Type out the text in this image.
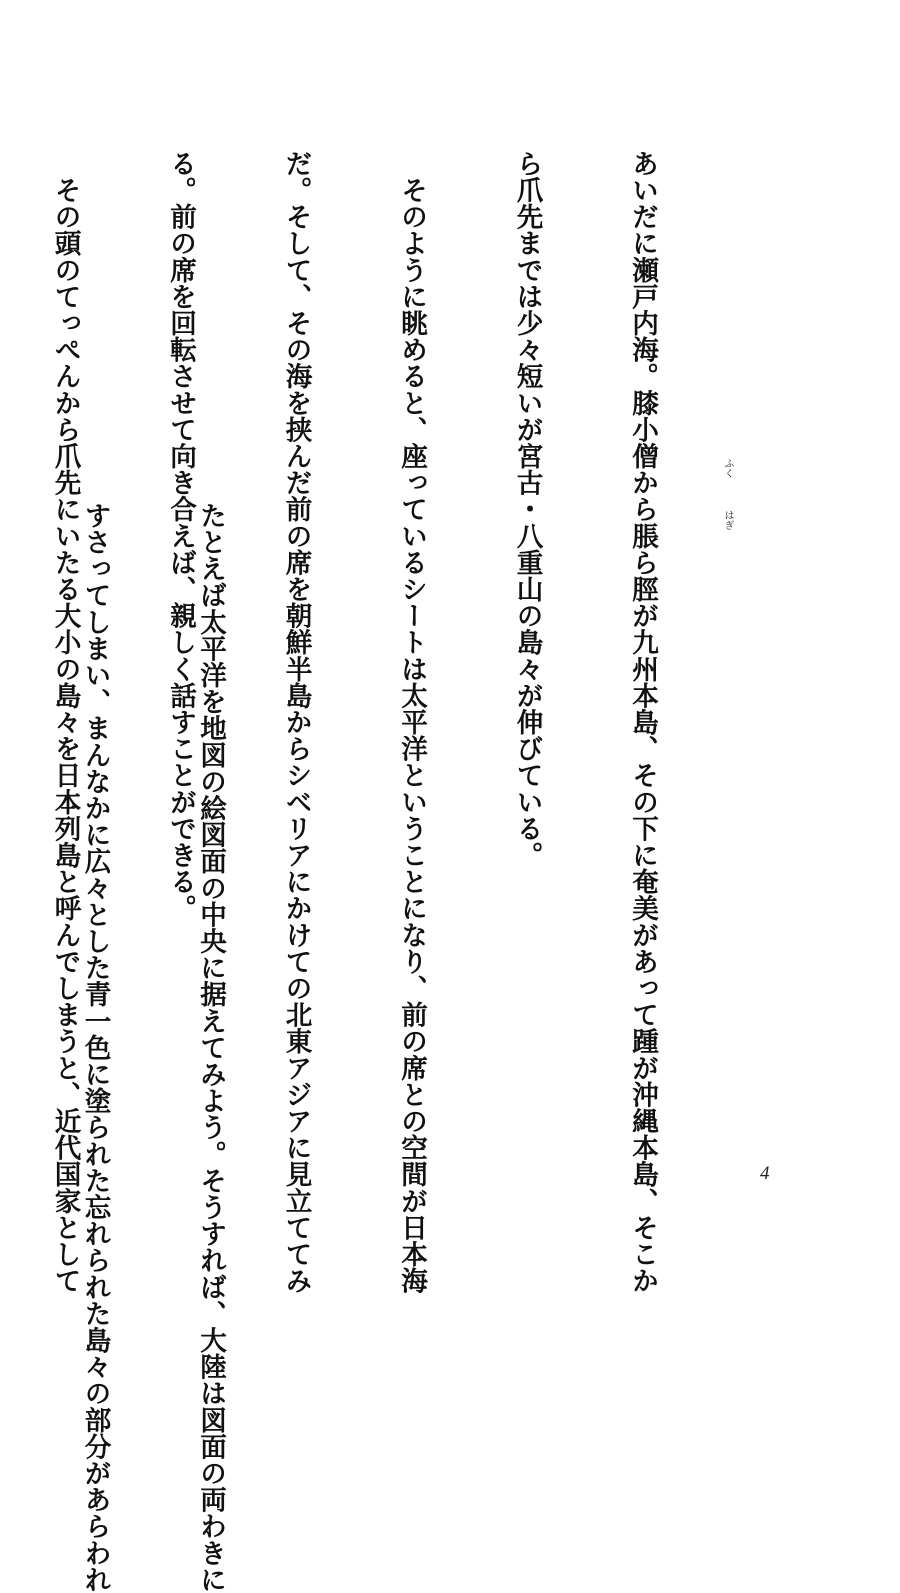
あいだに瀬戸内海。膝小僧から脹ら脛が九州本島、その下に奄美があって踵が沖縄本島、そこか

ら爪先までは少々短いが宮古・八重山の島々が伸びている。

　そのように眺めると、座っているシートは太平洋ということになり、前の席との空間が日本海

だ。そして、その海を挟んだ前の席を朝鮮半島からシベリアにかけての北東アジアに見立ててみ

る。前の席を回転させて向き合えば、親しく話すことができる。

　その頭のてっぺんから爪先にいたる大小の島々を日本列島と呼んでしまうと、近代国家として

	たとえば太平洋を地図の絵図面の中央に据えてみよう。そうすれば、大陸は図面の両わきに

すさってしまい、まんなかに広々とした青一色に塗られた忘れられた島々の部分があらわれ

ふく
はぎ
4
